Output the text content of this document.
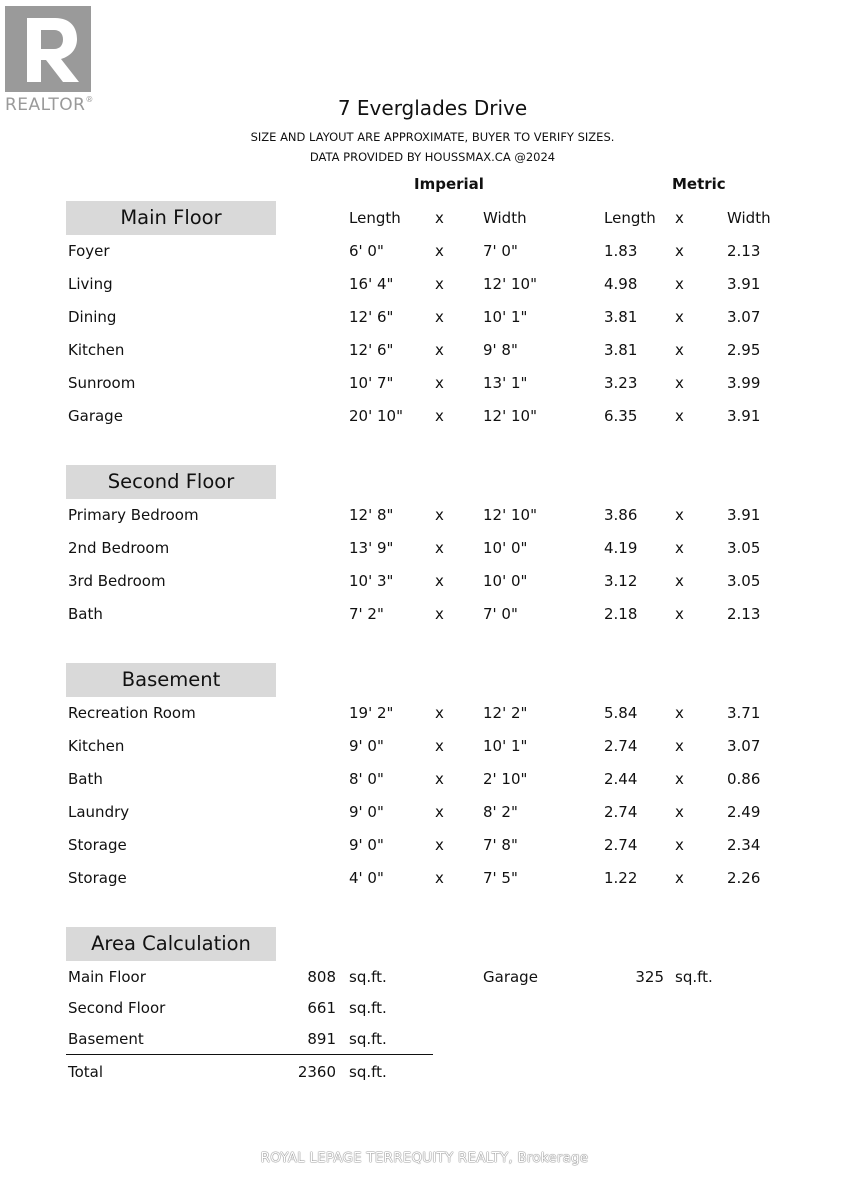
REALTOR®	7 Everglades Drive
SIZE AND LAYOUT ARE APPROXIMATE, BUYER TO VERIFY SIZES.
DATA PROVIDED BY HOUSSMAX.CA @2024
Imperial	Metric
Main Floor	Length x	Width	Length x	Width
Foyer	6' 0"	x	7' 0"	1.83	x	2.13
Living	16' 4"	x	12' 10"	4.98	x	3.91
Dining	12' 6"	x	10' 1"	3.81	x	3.07
Kitchen	12' 6"	x	9' 8"	3.81	x	2.95
Sunroom	10' 7"	x	13' 1"	3.23	x	3.99
Garage	20' 10" x	12' 10"	6.35	x	3.91
Second Floor
Primary Bedroom	12' 8"	x	12' 10"	3.86	x	3.91
2nd Bedroom	13' 9"	x	10' 0"	4.19	x	3.05
3rd Bedroom	10' 3"	x	10' 0"	3.12	x	3.05
Bath	7' 2"	x	7' 0"	2.18	x	2.13
Basement
Recreation Room	19' 2"	x	12' 2"	5.84	x	3.71
Kitchen	9' 0"	x	10' 1"	2.74	x	3.07
Bath	8' 0"	x	2' 10"	2.44	x	0.86
Laundry	9' 0"	x	8' 2"	2.74	x	2.49
Storage	9' 0"	x	7' 8"	2.74	x	2.34
Storage	4' 0"	x	7' 5"	1.22	x	2.26
Area Calculation
Main Floor	808 sq.ft.
Second Floor	661 sq.ft.
Basement	891 sq.ft.
Total	2360 sq.ft.
Garage	325 sq.ft.
ROYAL LEPAGE TERREQUITY REALTY, Brokerage
